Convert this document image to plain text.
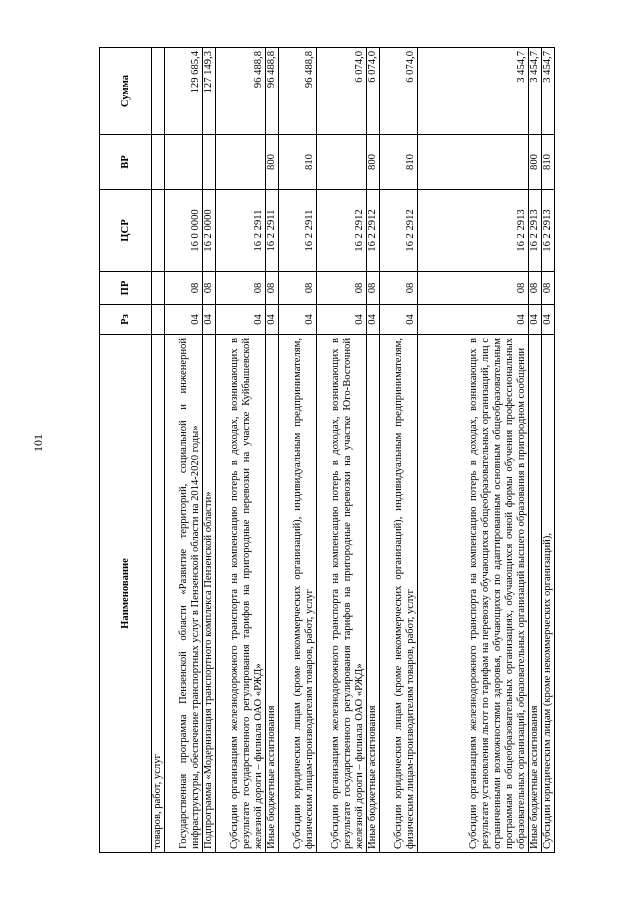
101
Наименование	Рз	ПР	ЦСР	ВР	Сумма
товаров, работ, услуг					
Государственная программа Пензенской области «Развитие территорий, социальной и инженерной инфраструктуры, обеспечение транспортных услуг в Пензенской области на 2014-2020 годы»	04	08	16 0 0000		129 685,4
Подпрограмма «Модернизация транспортного комплекса Пензенской области»	04	08	16 2 0000		127 149,3
Субсидии организациям железнодорожного транспорта на компенсацию потерь в доходах, возникающих в результате государственного регулирования тарифов на пригородные перевозки на участке Куйбышевской железной дороги – филиала ОАО «РЖД»	04	08	16 2 2911		96 488,8
Иные бюджетные ассигнования	04	08	16 2 2911	800	96 488,8
Субсидии юридическим лицам (кроме некоммерческих организаций), индивидуальным предпринимателям, физическим лицам-производителям товаров, работ, услуг	04	08	16 2 2911	810	96 488,8
Субсидии организациям железнодорожного транспорта на компенсацию потерь в доходах, возникающих в результате государственного регулирования тарифов на пригородные перевозки на участке Юго-Восточной железной дороги – филиала ОАО «РЖД»	04	08	16 2 2912		6 074,0
Иные бюджетные ассигнования	04	08	16 2 2912	800	6 074,0
Субсидии юридическим лицам (кроме некоммерческих организаций), индивидуальным предпринимателям, физическим лицам-производителям товаров, работ, услуг	04	08	16 2 2912	810	6 074,0
Субсидии организациям железнодорожного транспорта на компенсацию потерь в доходах, возникающих в результате установления льгот по тарифам на перевозку обучающихся общеобразовательных организаций, лиц с ограниченными возможностями здоровья, обучающихся по адаптированным основным общеобразовательным программам в общеобразовательных организациях, обучающихся очной формы обучения профессиональных образовательных организаций, образовательных организаций высшего образования в пригородном сообщении	04	08	16 2 2913		3 454,7
Иные бюджетные ассигнования	04	08	16 2 2913	800	3 454,7
Субсидии юридическим лицам (кроме некоммерческих организаций),	04	08	16 2 2913	810	3 454,7
